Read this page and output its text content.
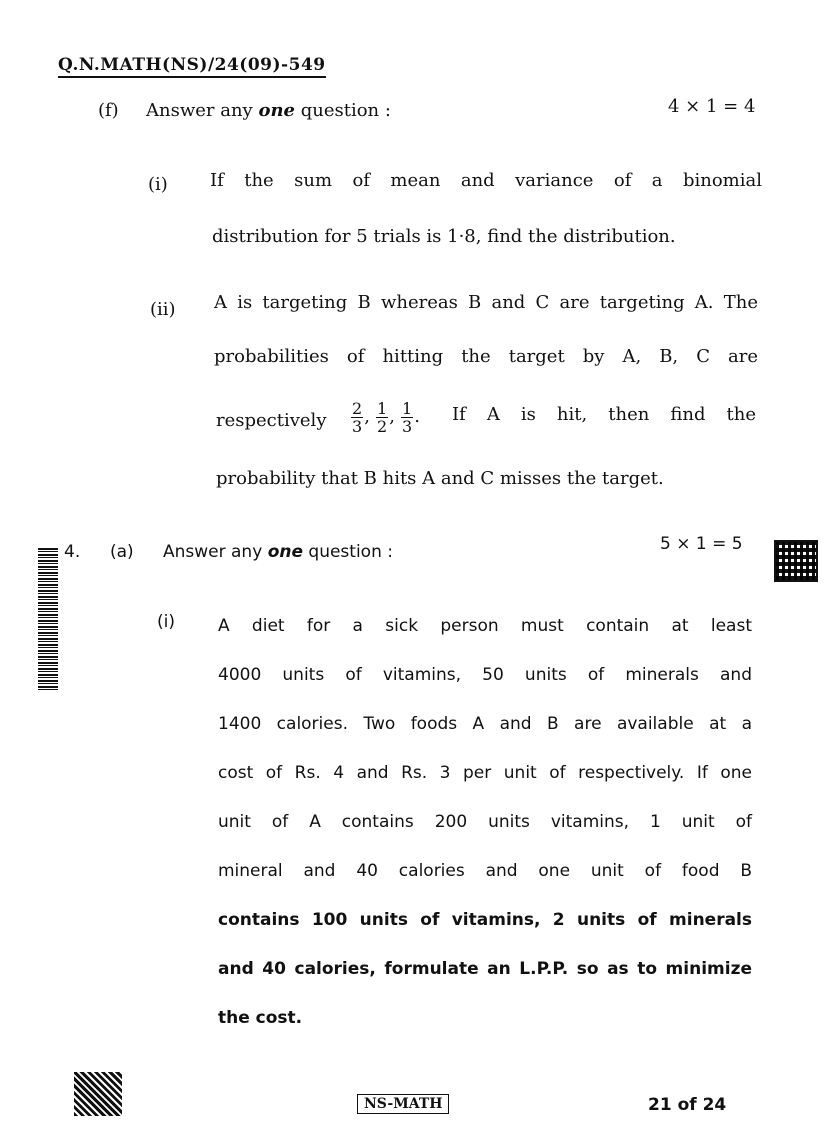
Q.N.MATH(NS)/24(09)-549
(f) Answer any one question :	4 × 1 = 4
(i) If the sum of mean and variance of a binomial
distribution for 5 trials is 1·8, find the distribution.
(ii) A is targeting B whereas B and C are targeting A. The
probabilities of hitting the target by A, B, C are
respectively $\frac{2}{3}$ , $\frac{1}{2}$ , $\frac{1}{3}$ . If A is hit, then find the
probability that B hits A and C misses the target.
4. (a) Answer any one question :	5 × 1 = 5
(i)	A diet for a sick person must contain at least
4000 units of vitamins, 50 units of minerals and
1400 calories. Two foods A and B are available at a
cost of Rs. 4 and Rs. 3 per unit of respectively. If one
unit of A contains 200 units vitamins, 1 unit of
mineral and 40 calories and one unit of food B
contains 100 units of vitamins, 2 units of minerals
and 40 calories, formulate an L.P.P. so as to minimize
the cost.
NS-MATH	21 of 24
